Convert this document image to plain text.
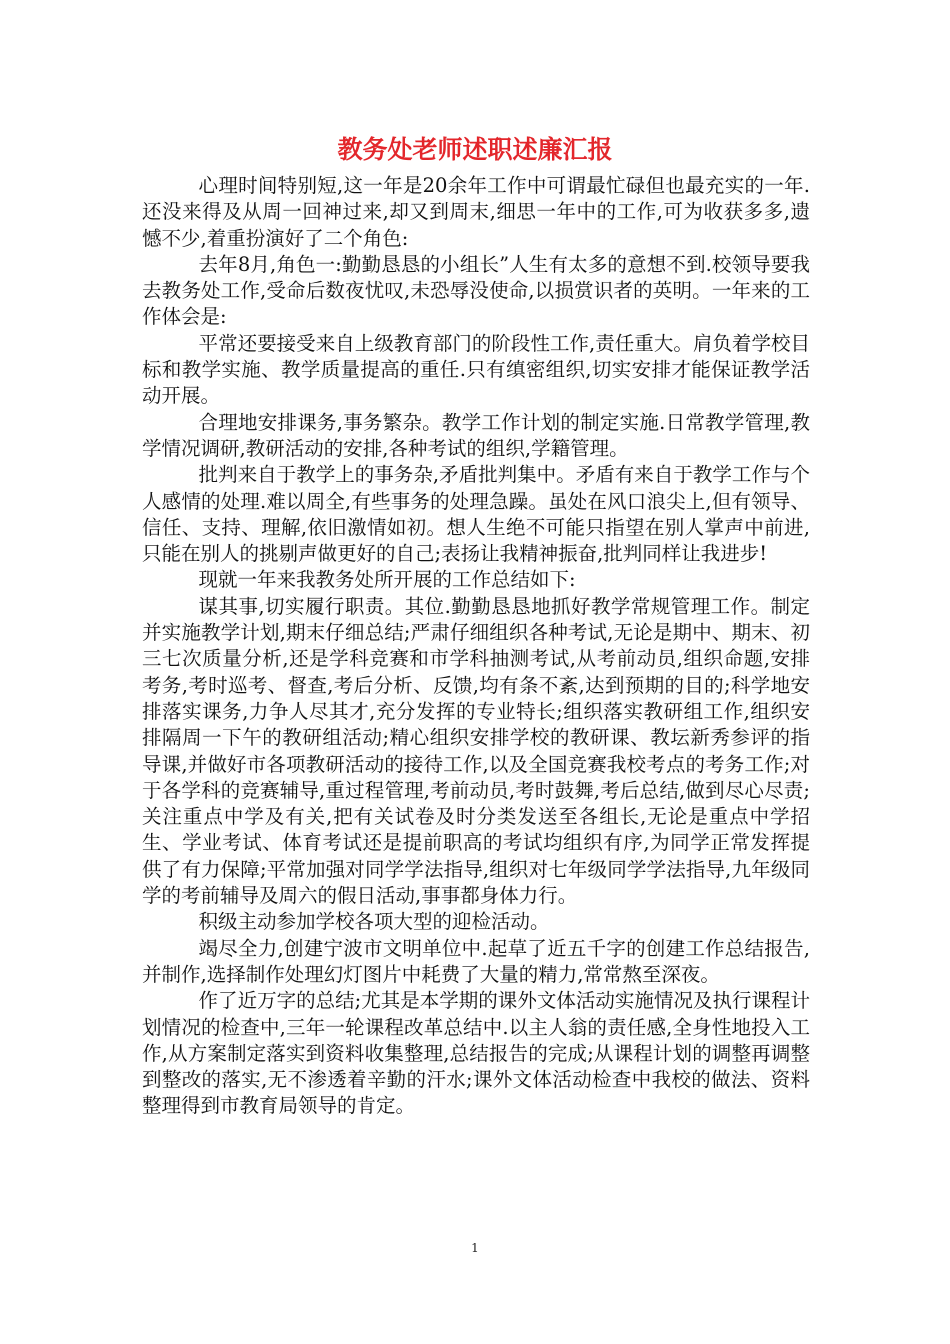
教务处老师述职述廉汇报

心理时间特别短,这一年是20余年工作中可谓最忙碌但也最充实的一年.还没来得及从周一回神过来,却又到周末,细思一年中的工作,可为收获多多,遗憾不少,着重扮演好了二个角色:

去年8月,角色一:勤勤恳恳的小组长”人生有太多的意想不到.校领导要我去教务处工作,受命后数夜忧叹,未恐辱没使命,以损赏识者的英明。一年来的工作体会是:

平常还要接受来自上级教育部门的阶段性工作,责任重大。肩负着学校目标和教学实施、教学质量提高的重任.只有缜密组织,切实安排才能保证教学活动开展。

合理地安排课务,事务繁杂。教学工作计划的制定实施.日常教学管理,教学情况调研,教研活动的安排,各种考试的组织,学籍管理。

批判来自于教学上的事务杂,矛盾批判集中。矛盾有来自于教学工作与个人感情的处理.难以周全,有些事务的处理急躁。虽处在风口浪尖上,但有领导、信任、支持、理解,依旧激情如初。想人生绝不可能只指望在别人掌声中前进,只能在别人的挑剔声做更好的自己;表扬让我精神振奋,批判同样让我进步!

现就一年来我教务处所开展的工作总结如下:

谋其事,切实履行职责。其位.勤勤恳恳地抓好教学常规管理工作。制定并实施教学计划,期末仔细总结;严肃仔细组织各种考试,无论是期中、期末、初三七次质量分析,还是学科竞赛和市学科抽测考试,从考前动员,组织命题,安排考务,考时巡考、督查,考后分析、反馈,均有条不紊,达到预期的目的;科学地安排落实课务,力争人尽其才,充分发挥的专业特长;组织落实教研组工作,组织安排隔周一下午的教研组活动;精心组织安排学校的教研课、教坛新秀参评的指导课,并做好市各项教研活动的接待工作,以及全国竞赛我校考点的考务工作;对于各学科的竞赛辅导,重过程管理,考前动员,考时鼓舞,考后总结,做到尽心尽责;关注重点中学及有关,把有关试卷及时分类发送至各组长,无论是重点中学招生、学业考试、体育考试还是提前职高的考试均组织有序,为同学正常发挥提供了有力保障;平常加强对同学学法指导,组织对七年级同学学法指导,九年级同学的考前辅导及周六的假日活动,事事都身体力行。

积级主动参加学校各项大型的迎检活动。

竭尽全力,创建宁波市文明单位中.起草了近五千字的创建工作总结报告,并制作,选择制作处理幻灯图片中耗费了大量的精力,常常熬至深夜。

作了近万字的总结;尤其是本学期的课外文体活动实施情况及执行课程计划情况的检查中,三年一轮课程改革总结中.以主人翁的责任感,全身性地投入工作,从方案制定落实到资料收集整理,总结报告的完成;从课程计划的调整再调整到整改的落实,无不渗透着辛勤的汗水;课外文体活动检查中我校的做法、资料整理得到市教育局领导的肯定。

1
